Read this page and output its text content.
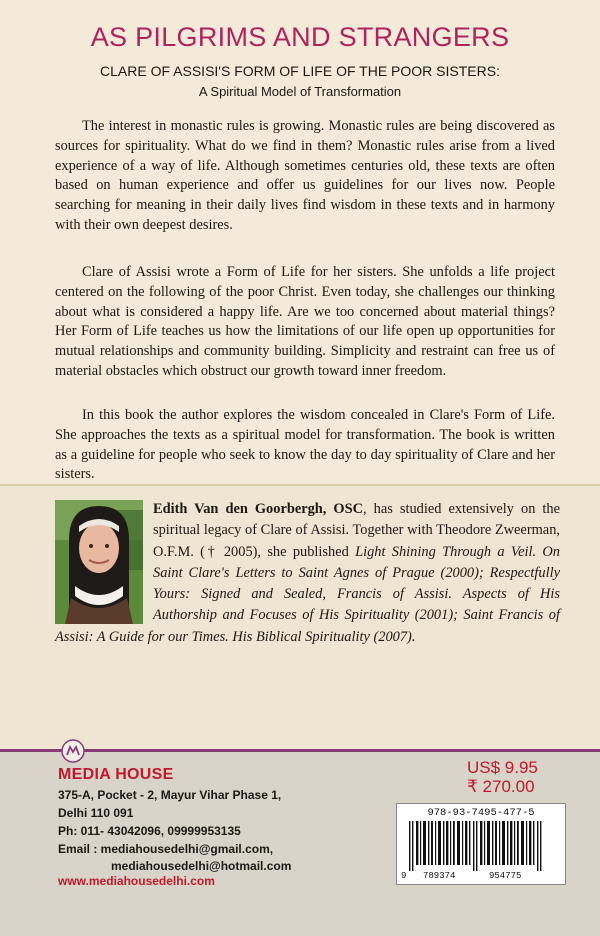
AS PILGRIMS AND STRANGERS
CLARE OF ASSISI'S FORM OF LIFE OF THE POOR SISTERS:
A Spiritual Model of Transformation

The interest in monastic rules is growing. Monastic rules are being discovered as sources for spirituality. What do we find in them? Monastic rules arise from a lived experience of a way of life. Although sometimes centuries old, these texts are often based on human experience and offer us guidelines for our lives now. People searching for meaning in their daily lives find wisdom in these texts and in harmony with their own deepest desires.

Clare of Assisi wrote a Form of Life for her sisters. She unfolds a life project centered on the following of the poor Christ. Even today, she challenges our thinking about what is considered a happy life. Are we too concerned about material things? Her Form of Life teaches us how the limitations of our life open up opportunities for mutual relationships and community building. Simplicity and restraint can free us of material obstacles which obstruct our growth toward inner freedom.

In this book the author explores the wisdom concealed in Clare's Form of Life. She approaches the texts as a spiritual model for transformation. The book is written as a guideline for people who seek to know the day to day spirituality of Clare and her sisters.

Edith Van den Goorbergh, OSC, has studied extensively on the spiritual legacy of Clare of Assisi. Together with Theodore Zweerman, O.F.M. († 2005), she published Light Shining Through a Veil. On Saint Clare's Letters to Saint Agnes of Prague (2000); Respectfully Yours: Signed and Sealed, Francis of Assisi. Aspects of His Authorship and Focuses of His Spirituality (2001); Saint Francis of Assisi: A Guide for our Times. His Biblical Spirituality (2007).

MEDIA HOUSE
375-A, Pocket - 2, Mayur Vihar Phase 1,
Delhi 110 091
Ph: 011- 43042096, 09999953135
Email : mediahousedelhi@gmail.com,
mediahousedelhi@hotmail.com
www.mediahousedelhi.com
US$ 9.95
₹ 270.00
978-93-7495-477-5
9 789374	954775
